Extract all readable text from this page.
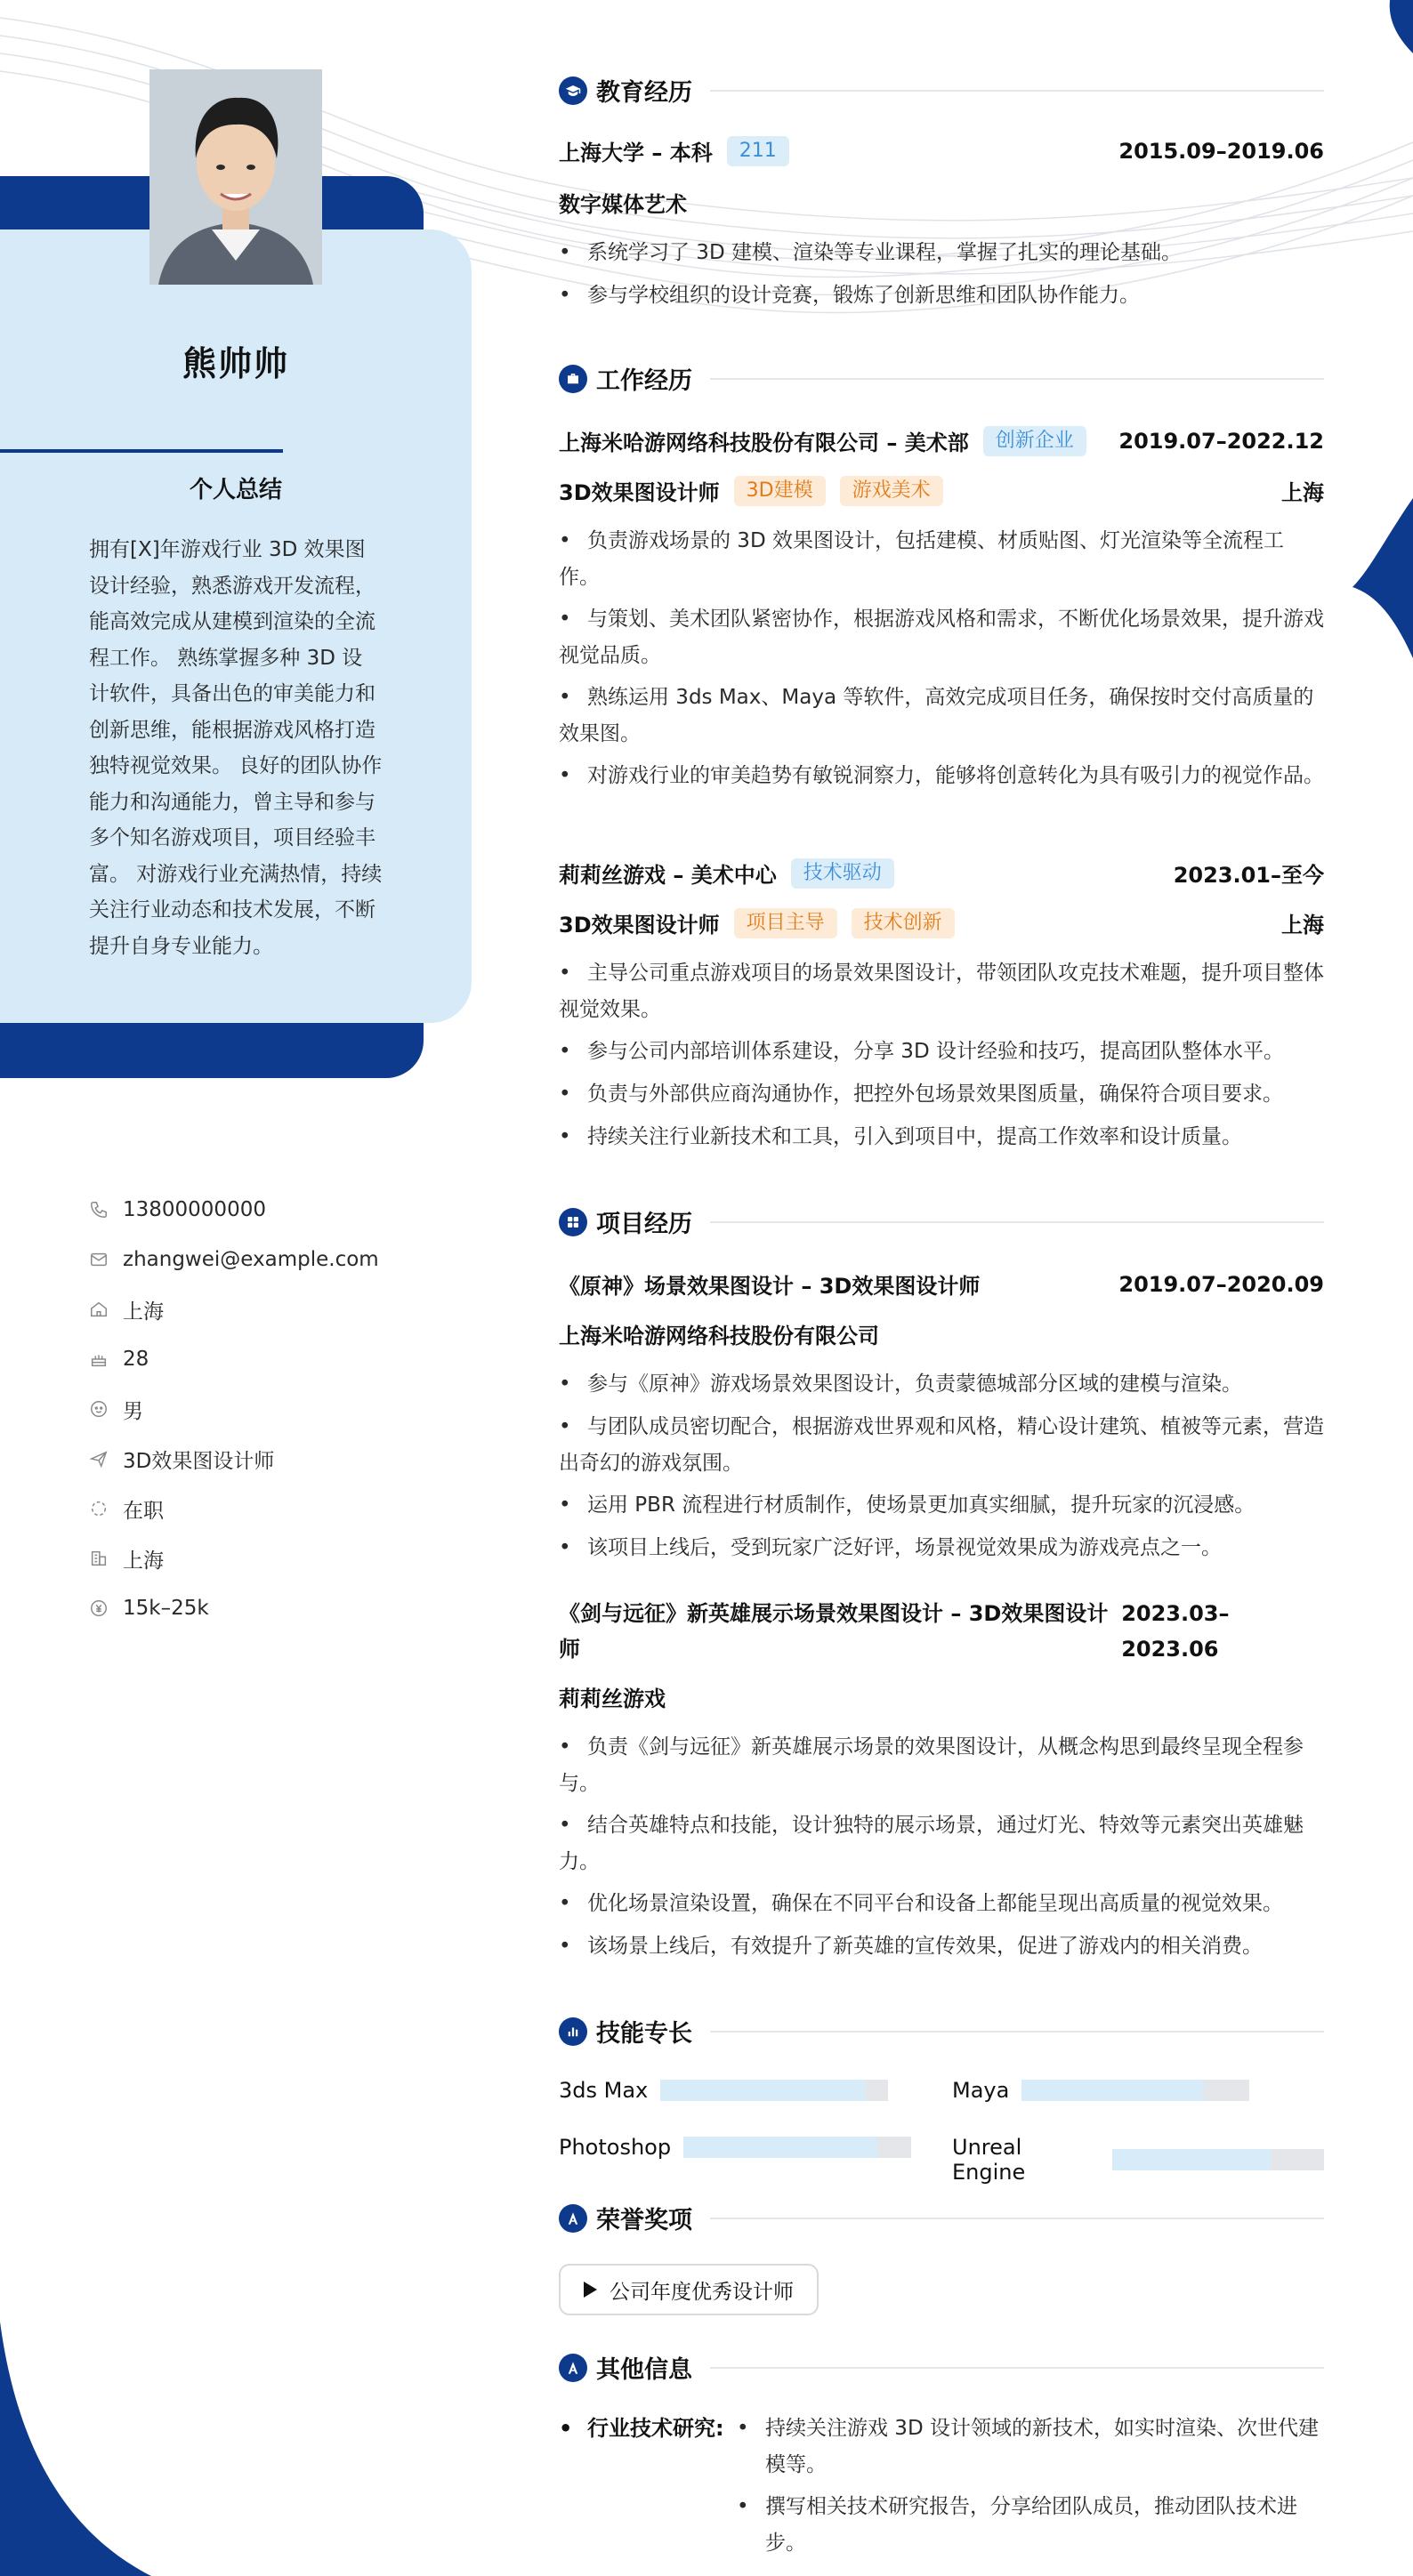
熊帅帅
个人总结
拥有[X]年游戏行业 3D 效果图设计经验，熟悉游戏开发流程，能高效完成从建模到渲染的全流程工作。 熟练掌握多种 3D 设计软件，具备出色的审美能力和创新思维，能根据游戏风格打造独特视觉效果。 良好的团队协作能力和沟通能力，曾主导和参与多个知名游戏项目，项目经验丰富。 对游戏行业充满热情，持续关注行业动态和技术发展，不断提升自身专业能力。
13800000000
zhangwei@example.com
上海
28
男
3D效果图设计师
在职
上海
15k–25k
教育经历
上海大学 – 本科	211	2015.09–2019.06
数字媒体艺术
• 系统学习了 3D 建模、渲染等专业课程，掌握了扎实的理论基础。
• 参与学校组织的设计竞赛，锻炼了创新思维和团队协作能力。
工作经历
上海米哈游网络科技股份有限公司 – 美术部	创新企业	2019.07–2022.12
3D效果图设计师	3D建模	游戏美术	上海
• 负责游戏场景的 3D 效果图设计，包括建模、材质贴图、灯光渲染等全流程工作。
• 与策划、美术团队紧密协作，根据游戏风格和需求，不断优化场景效果，提升游戏视觉品质。
• 熟练运用 3ds Max、Maya 等软件，高效完成项目任务，确保按时交付高质量的效果图。
• 对游戏行业的审美趋势有敏锐洞察力，能够将创意转化为具有吸引力的视觉作品。
莉莉丝游戏 – 美术中心	技术驱动	2023.01–至今
3D效果图设计师	项目主导	技术创新	上海
• 主导公司重点游戏项目的场景效果图设计，带领团队攻克技术难题，提升项目整体视觉效果。
• 参与公司内部培训体系建设，分享 3D 设计经验和技巧，提高团队整体水平。
• 负责与外部供应商沟通协作，把控外包场景效果图质量，确保符合项目要求。
• 持续关注行业新技术和工具，引入到项目中，提高工作效率和设计质量。
项目经历
《原神》场景效果图设计 – 3D效果图设计师	2019.07–2020.09
上海米哈游网络科技股份有限公司
• 参与《原神》游戏场景效果图设计，负责蒙德城部分区域的建模与渲染。
• 与团队成员密切配合，根据游戏世界观和风格，精心设计建筑、植被等元素，营造出奇幻的游戏氛围。
• 运用 PBR 流程进行材质制作，使场景更加真实细腻，提升玩家的沉浸感。
• 该项目上线后，受到玩家广泛好评，场景视觉效果成为游戏亮点之一。
《剑与远征》新英雄展示场景效果图设计 – 3D效果图设计师
2023.03–2023.06
莉莉丝游戏
• 负责《剑与远征》新英雄展示场景的效果图设计，从概念构思到最终呈现全程参与。
• 结合英雄特点和技能，设计独特的展示场景，通过灯光、特效等元素突出英雄魅力。
• 优化场景渲染设置，确保在不同平台和设备上都能呈现出高质量的视觉效果。
• 该场景上线后，有效提升了新英雄的宣传效果，促进了游戏内的相关消费。
技能专长
3ds Max	Maya
Photoshop	Unreal Engine
荣誉奖项
公司年度优秀设计师
其他信息
• 行业技术研究: • 持续关注游戏 3D 设计领域的新技术，如实时渲染、次世代建模等。
• 撰写相关技术研究报告，分享给团队成员，推动团队技术进步。
